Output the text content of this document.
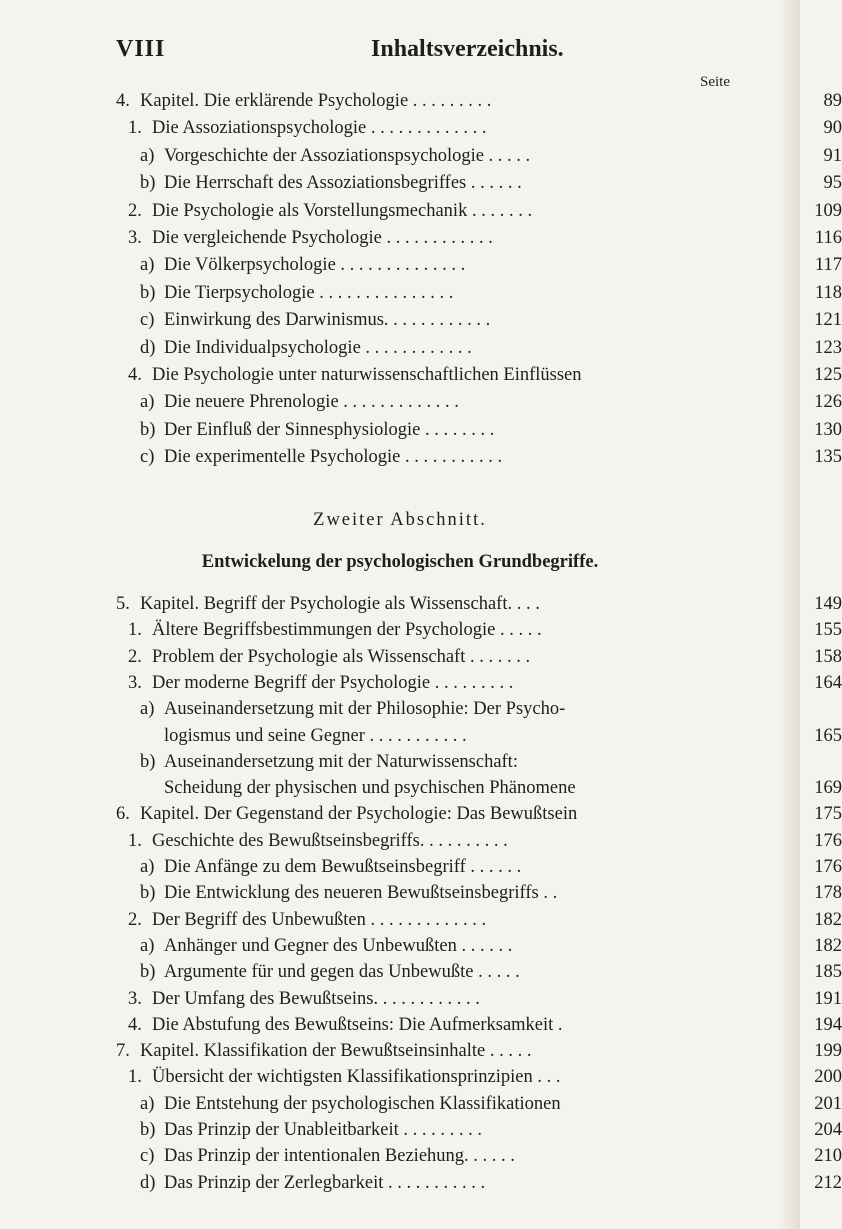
VIII	Inhaltsverzeichnis.
Seite
4. Kapitel. Die erklärende Psychologie . . . . . . . . .	89
1. Die Assoziationspsychologie . . . . . . . . . . . . .	90
a) Vorgeschichte der Assoziationspsychologie . . . . .	91
b) Die Herrschaft des Assoziationsbegriffes . . . . . .	95
2. Die Psychologie als Vorstellungsmechanik . . . . . . .	109
3. Die vergleichende Psychologie . . . . . . . . . . . .	116
a) Die Völkerpsychologie . . . . . . . . . . . . . .	117
b) Die Tierpsychologie . . . . . . . . . . . . . . .	118
c) Einwirkung des Darwinismus. . . . . . . . . . . .	121
d) Die Individualpsychologie . . . . . . . . . . . .	123
4. Die Psychologie unter naturwissenschaftlichen Einflüssen	125
a) Die neuere Phrenologie . . . . . . . . . . . . .	126
b) Der Einfluß der Sinnesphysiologie . . . . . . . .	130
c) Die experimentelle Psychologie . . . . . . . . . . .	135
Zweiter Abschnitt.
Entwickelung der psychologischen Grundbegriffe.
5. Kapitel. Begriff der Psychologie als Wissenschaft. . . .	149
1. Ältere Begriffsbestimmungen der Psychologie . . . . .	155
2. Problem der Psychologie als Wissenschaft . . . . . . .	158
3. Der moderne Begriff der Psychologie . . . . . . . . .	164
a) Auseinandersetzung mit der Philosophie: Der Psycho-
logismus und seine Gegner . . . . . . . . . . .	165
b) Auseinandersetzung mit der Naturwissenschaft:
Scheidung der physischen und psychischen Phänomene	169
6. Kapitel. Der Gegenstand der Psychologie: Das Bewußtsein	175
1. Geschichte des Bewußtseinsbegriffs. . . . . . . . . .	176
a) Die Anfänge zu dem Bewußtseinsbegriff . . . . . .	176
b) Die Entwicklung des neueren Bewußtseinsbegriffs . .	178
2. Der Begriff des Unbewußten . . . . . . . . . . . . .	182
a) Anhänger und Gegner des Unbewußten . . . . . .	182
b) Argumente für und gegen das Unbewußte . . . . .	185
3. Der Umfang des Bewußtseins. . . . . . . . . . . .	191
4. Die Abstufung des Bewußtseins: Die Aufmerksamkeit .	194
7. Kapitel. Klassifikation der Bewußtseinsinhalte . . . . .	199
1. Übersicht der wichtigsten Klassifikationsprinzipien . . .	200
a) Die Entstehung der psychologischen Klassifikationen	201
b) Das Prinzip der Unableitbarkeit . . . . . . . . .	204
c) Das Prinzip der intentionalen Beziehung. . . . . .	210
d) Das Prinzip der Zerlegbarkeit . . . . . . . . . . .	212
